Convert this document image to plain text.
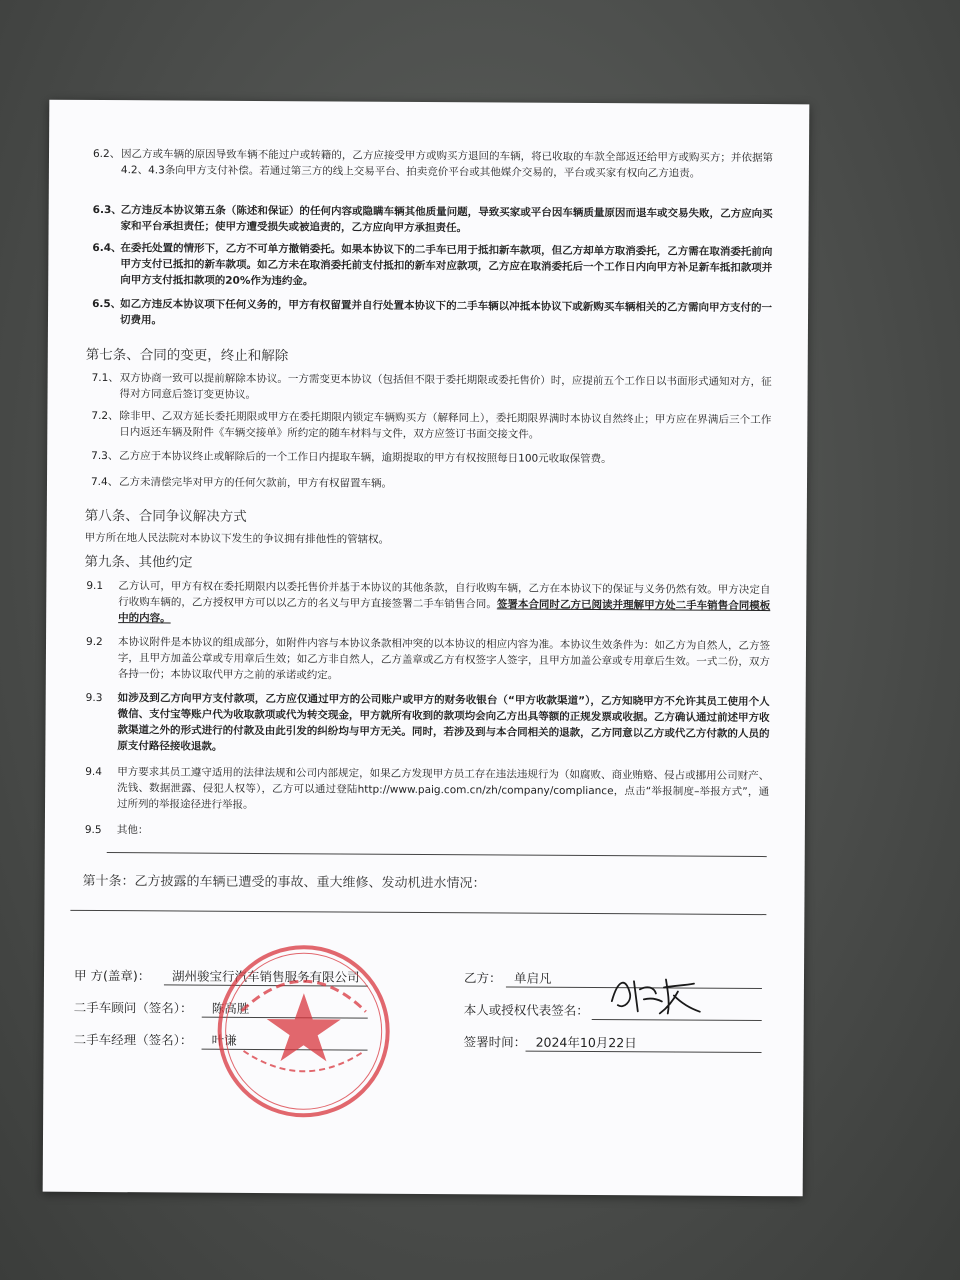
6.2、 因乙方或车辆的原因导致车辆不能过户或转籍的，乙方应接受甲方或购买方退回的车辆，将已收取的车款全部返还给甲方或购买方；并依据第4.2、4.3条向甲方支付补偿。若通过第三方的线上交易平台、拍卖竞价平台或其他媒介交易的，平台或买家有权向乙方追责。
6.3、
乙方违反本协议第五条（陈述和保证）的任何内容或隐瞒车辆其他质量问题，导致买家或平台因车辆质量原因而退车或交易失败，乙方应向买家和平台承担责任；使甲方遭受损失或被追责的，乙方应向甲方承担责任。
6.4、
在委托处置的情形下，乙方不可单方撤销委托。如果本协议下的二手车已用于抵扣新车款项，但乙方却单方取消委托，乙方需在取消委托前向甲方支付已抵扣的新车款项。如乙方未在取消委托前支付抵扣的新车对应款项，乙方应在取消委托后一个工作日内向甲方补足新车抵扣款项并向甲方支付抵扣款项的20%作为违约金。
6.5、
如乙方违反本协议项下任何义务的，甲方有权留置并自行处置本协议下的二手车辆以冲抵本协议下或新购买车辆相关的乙方需向甲方支付的一切费用。
第七条、合同的变更，终止和解除
7.1、 双方协商一致可以提前解除本协议。一方需变更本协议（包括但不限于委托期限或委托售价）时，应提前五个工作日以书面形式通知对方，征得对方同意后签订变更协议。
7.2、 除非甲、乙双方延长委托期限或甲方在委托期限内锁定车辆购买方（解释同上），委托期限界满时本协议自然终止；甲方应在界满后三个工作日内返还车辆及附件《车辆交接单》所约定的随车材料与文件，双方应签订书面交接文件。
7.3、 乙方应于本协议终止或解除后的一个工作日内提取车辆，逾期提取的甲方有权按照每日100元收取保管费。
7.4、 乙方未清偿完毕对甲方的任何欠款前，甲方有权留置车辆。
第八条、合同争议解决方式
甲方所在地人民法院对本协议下发生的争议拥有排他性的管辖权。
第九条、其他约定
9.1 乙方认可，甲方有权在委托期限内以委托售价并基于本协议的其他条款，自行收购车辆，乙方在本协议下的保证与义务仍然有效。甲方决定自行收购车辆的，乙方授权甲方可以以乙方的名义与甲方直接签署二手车销售合同。签署本合同时乙方已阅读并理解甲方处二手车销售合同模板中的内容。
9.2 本协议附件是本协议的组成部分，如附件内容与本协议条款相冲突的以本协议的相应内容为准。本协议生效条件为：如乙方为自然人，乙方签字，且甲方加盖公章或专用章后生效；如乙方非自然人，乙方盖章或乙方有权签字人签字，且甲方加盖公章或专用章后生效。一式二份，双方各持一份；本协议取代甲方之前的承诺或约定。
9.3 如涉及到乙方向甲方支付款项，乙方应仅通过甲方的公司账户或甲方的财务收银台（“甲方收款渠道”），乙方知晓甲方不允许其员工使用个人微信、支付宝等账户代为收取款项或代为转交现金，甲方就所有收到的款项均会向乙方出具等额的正规发票或收据。乙方确认通过前述甲方收款渠道之外的形式进行的付款及由此引发的纠纷均与甲方无关。同时，若涉及到与本合同相关的退款，乙方同意以乙方或代乙方付款的人员的原支付路径接收退款。
9.4 甲方要求其员工遵守适用的法律法规和公司内部规定，如果乙方发现甲方员工存在违法违规行为（如腐败、商业贿赂、侵占或挪用公司财产、洗钱、数据泄露、侵犯人权等），乙方可以通过登陆http://www.paig.com.cn/zh/company/compliance，点击“举报制度–举报方式”，通过所列的举报途径进行举报。
9.5 其他：
第十条：乙方披露的车辆已遭受的事故、重大维修、发动机进水情况：
甲 方(盖章)： 湖州骏宝行汽车销售服务有限公司
二手车顾问（签名）： 陈高胜
二手车经理（签名）： 叶谦
乙方： 单启凡
本人或授权代表签名：
签署时间： 2024年10月22日
